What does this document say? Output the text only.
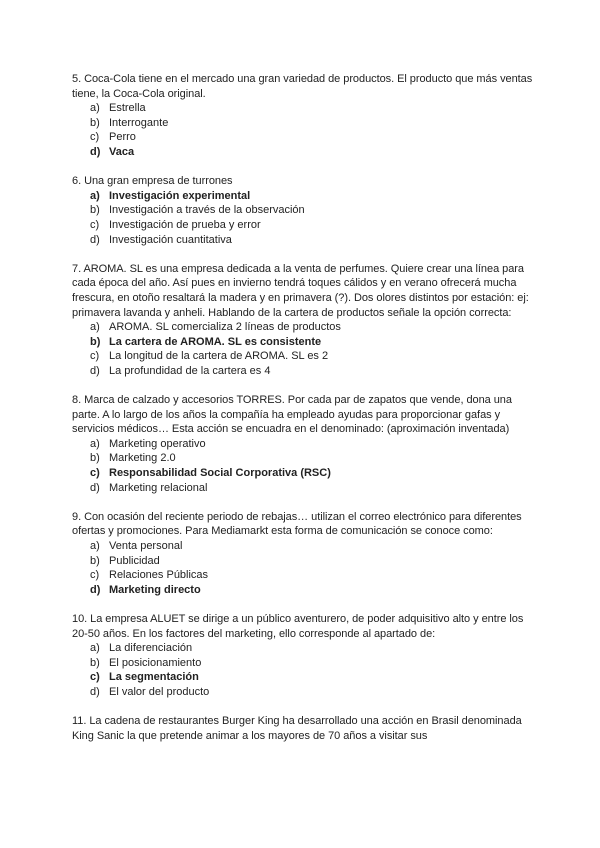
5. Coca-Cola tiene en el mercado una gran variedad de productos. El producto que más ventas tiene, la Coca-Cola original.

a) Estrella
b) Interrogante
c) Perro
d) Vaca

6. Una gran empresa de turrones

a) Investigación experimental
b) Investigación a través de la observación
c) Investigación de prueba y error
d) Investigación cuantitativa

7. AROMA. SL es una empresa dedicada a la venta de perfumes. Quiere crear una línea para cada época del año. Así pues en invierno tendrá toques cálidos y en verano ofrecerá mucha frescura, en otoño resaltará la madera y en primavera (?). Dos olores distintos por estación: ej: primavera lavanda y anheli. Hablando de la cartera de productos señale la opción correcta:

a) AROMA. SL comercializa 2 líneas de productos
b) La cartera de AROMA. SL es consistente
c) La longitud de la cartera de AROMA. SL es 2
d) La profundidad de la cartera es 4

8. Marca de calzado y accesorios TORRES. Por cada par de zapatos que vende, dona una parte. A lo largo de los años la compañía ha empleado ayudas para proporcionar gafas y servicios médicos… Esta acción se encuadra en el denominado: (aproximación inventada)

a) Marketing operativo
b) Marketing 2.0
c) Responsabilidad Social Corporativa (RSC)
d) Marketing relacional

9. Con ocasión del reciente periodo de rebajas… utilizan el correo electrónico para diferentes ofertas y promociones. Para Mediamarkt esta forma de comunicación se conoce como:

a) Venta personal
b) Publicidad
c) Relaciones Públicas
d) Marketing directo

10. La empresa ALUET se dirige a un público aventurero, de poder adquisitivo alto y entre los 20-50 años. En los factores del marketing, ello corresponde al apartado de:

a) La diferenciación
b) El posicionamiento
c) La segmentación
d) El valor del producto

11. La cadena de restaurantes Burger King ha desarrollado una acción en Brasil denominada King Sanic la que pretende animar a los mayores de 70 años a visitar sus
